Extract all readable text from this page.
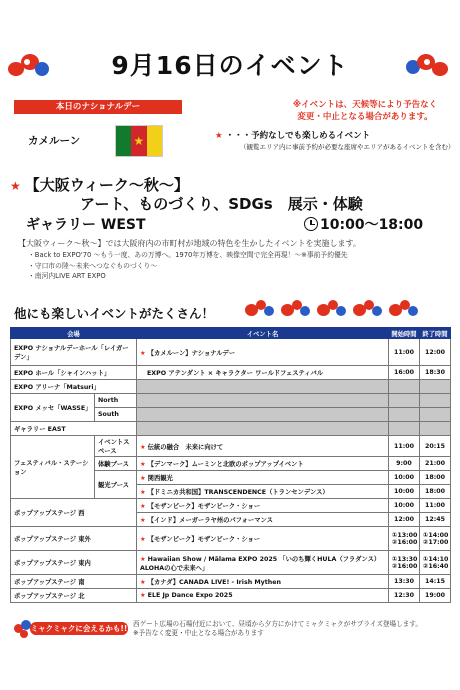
9月16日のイベント
本日のナショナルデー	※イベントは、天候等により予告なく
変更・中止となる場合があります。
カメルーン	★	★ ・・・予約なしでも楽しめるイベント
（観覧エリア内に事前予約が必要な座席やエリアがあるイベントを含む）
★ 【大阪ウィーク～秋～】
アート、ものづくり、SDGs　展示・体験
ギャラリー WEST	10:00～18:00
【大阪ウィーク～秋～】では大阪府内の市町村が地域の特色を生かしたイベントを実施します。
・Back to EXPO'70 ～もう一度、あの万博へ。1970年万博を、映像空間で完全再現！～※事前予約優先
・守口市の陸～未来へつなぐものづくり～
・南河内LIVE ART EXPO
他にも楽しいイベントがたくさん！
会場		イベント名	開始時間	終了時間
EXPO ナショナルデーホール「レイガーデン」		★ 【カメルーン】ナショナルデー	11:00	12:00
EXPO ホール「シャインハット」		EXPO アテンダント × キャラクター ワールドフェスティバル	16:00	18:30
EXPO アリーナ「Matsuri」				
EXPO メッセ「WASSE」	North			
	South			
ギャラリー EAST				
フェスティバル・ステーション	イベントスペース	★ 伝統の融合　未来に向けて	11:00	20:15
	体験ブース	★ 【デンマーク】ムーミンと北欧のポップアップイベント	9:00	21:00
	観光ブース	★ 関西観光	10:00	18:00
		★ 【ドミニカ共和国】TRANSCENDENCE（トランセンデンス）	10:00	18:00
ポップアップステージ 西		★ 【モザンビーク】モザンビーク・ショー	10:00	11:00
		★ 【インド】メーガーラヤ州のパフォーマンス	12:00	12:45
ポップアップステージ 東外		★ 【モザンビーク】モザンビーク・ショー	①13:00 ②16:00	①14:00 ②17:00
ポップアップステージ 東内		★ Hawaiian Show / Mālama EXPO 2025 「いのち輝くHULA（フラダンス）ALOHAの心で未来へ」	①13:30 ②16:00	①14:10 ②16:40
ポップアップステージ 南		★ 【カナダ】CANADA LIVE! - Irish Mythen	13:30	14:15
ポップアップステージ 北		★ ELE Jp Dance Expo 2025	12:30	19:00
ミャクミャクに会えるかも!! 西ゲート広場の石場付近において、昼頃から夕方にかけてミャクミャクがサプライズ登場します。
※予告なく変更・中止となる場合があります
